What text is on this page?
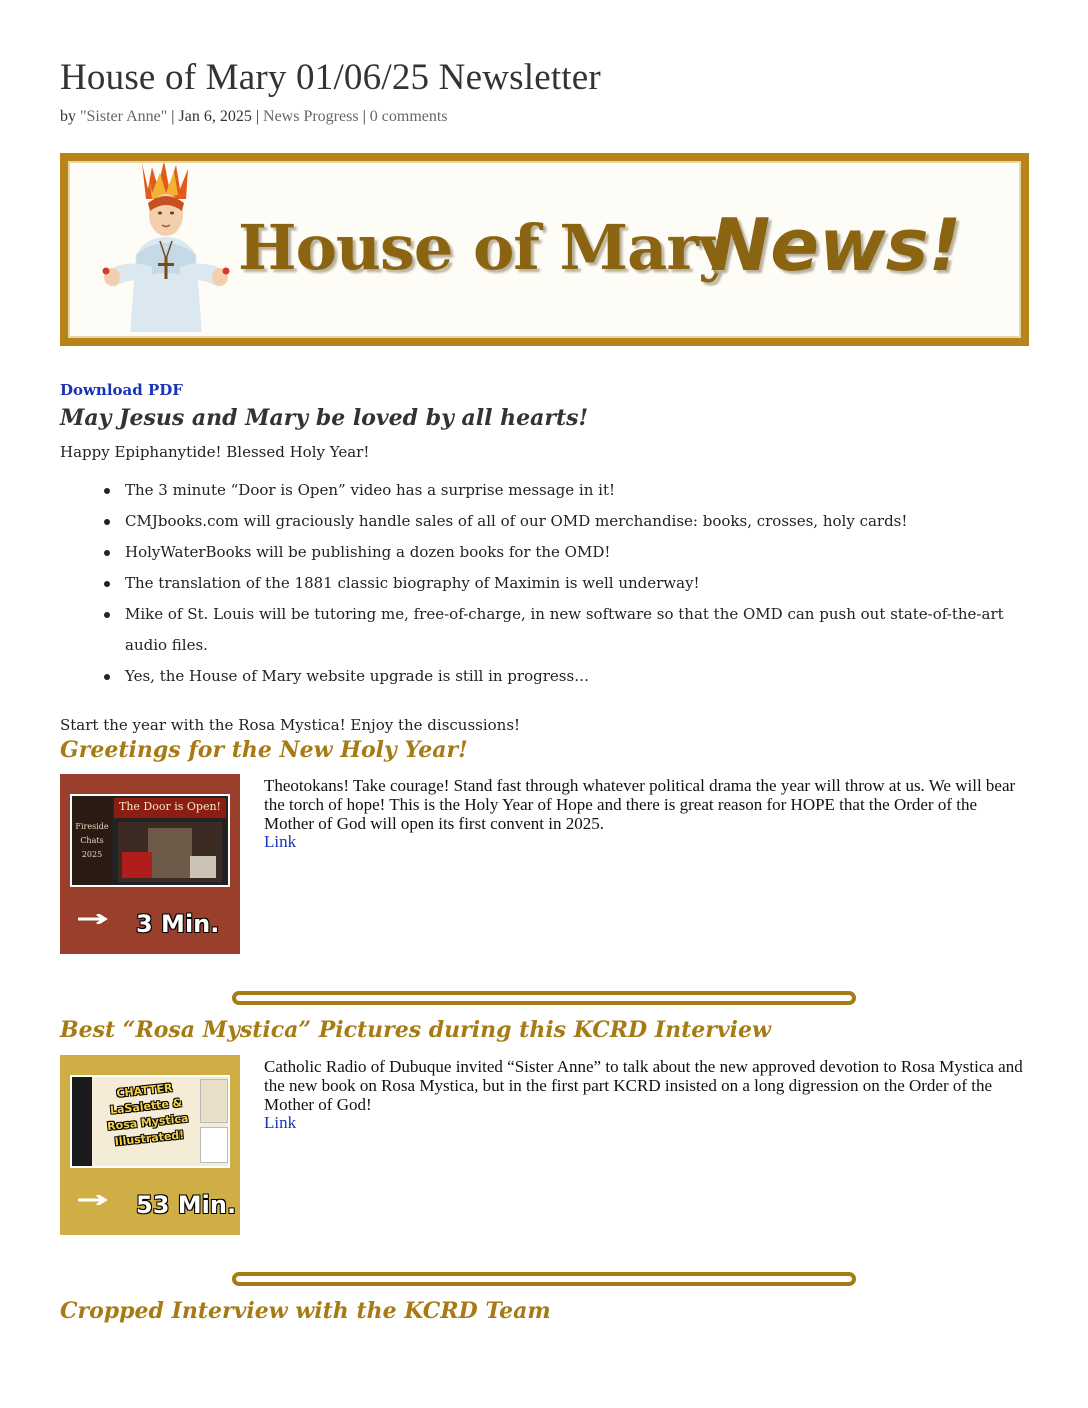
House of Mary 01/06/25 Newsletter
by "Sister Anne" | Jan 6, 2025 | News Progress | 0 comments
House of Mary
News!
Download PDF
May Jesus and Mary be loved by all hearts!
Happy Epiphanytide! Blessed Holy Year!
The 3 minute “Door is Open” video has a surprise message in it!
CMJbooks.com will graciously handle sales of all of our OMD merchandise: books, crosses, holy cards!
HolyWaterBooks will be publishing a dozen books for the OMD!
The translation of the 1881 classic biography of Maximin is well underway!
Mike of St. Louis will be tutoring me, free-of-charge, in new software so that the OMD can push out state-of-the-art audio files.
Yes, the House of Mary website upgrade is still in progress…
Start the year with the Rosa Mystica! Enjoy the discussions!
Greetings for the New Holy Year!
Fireside Chats 2025
The Door is Open!
3 Min.
Theotokans! Take courage! Stand fast through whatever political drama the year will throw at us. We will bear the torch of hope! This is the Holy Year of Hope and there is great reason for HOPE that the Order of the Mother of God will open its first convent in 2025.
Link
Best “Rosa Mystica” Pictures during this KCRD Interview
CHATTER LaSalette & Rosa Mystica Illustrated!
53 Min.
Catholic Radio of Dubuque invited “Sister Anne” to talk about the new approved devotion to Rosa Mystica and the new book on Rosa Mystica, but in the first part KCRD insisted on a long digression on the Order of the Mother of God!
Link
Cropped Interview with the KCRD Team
